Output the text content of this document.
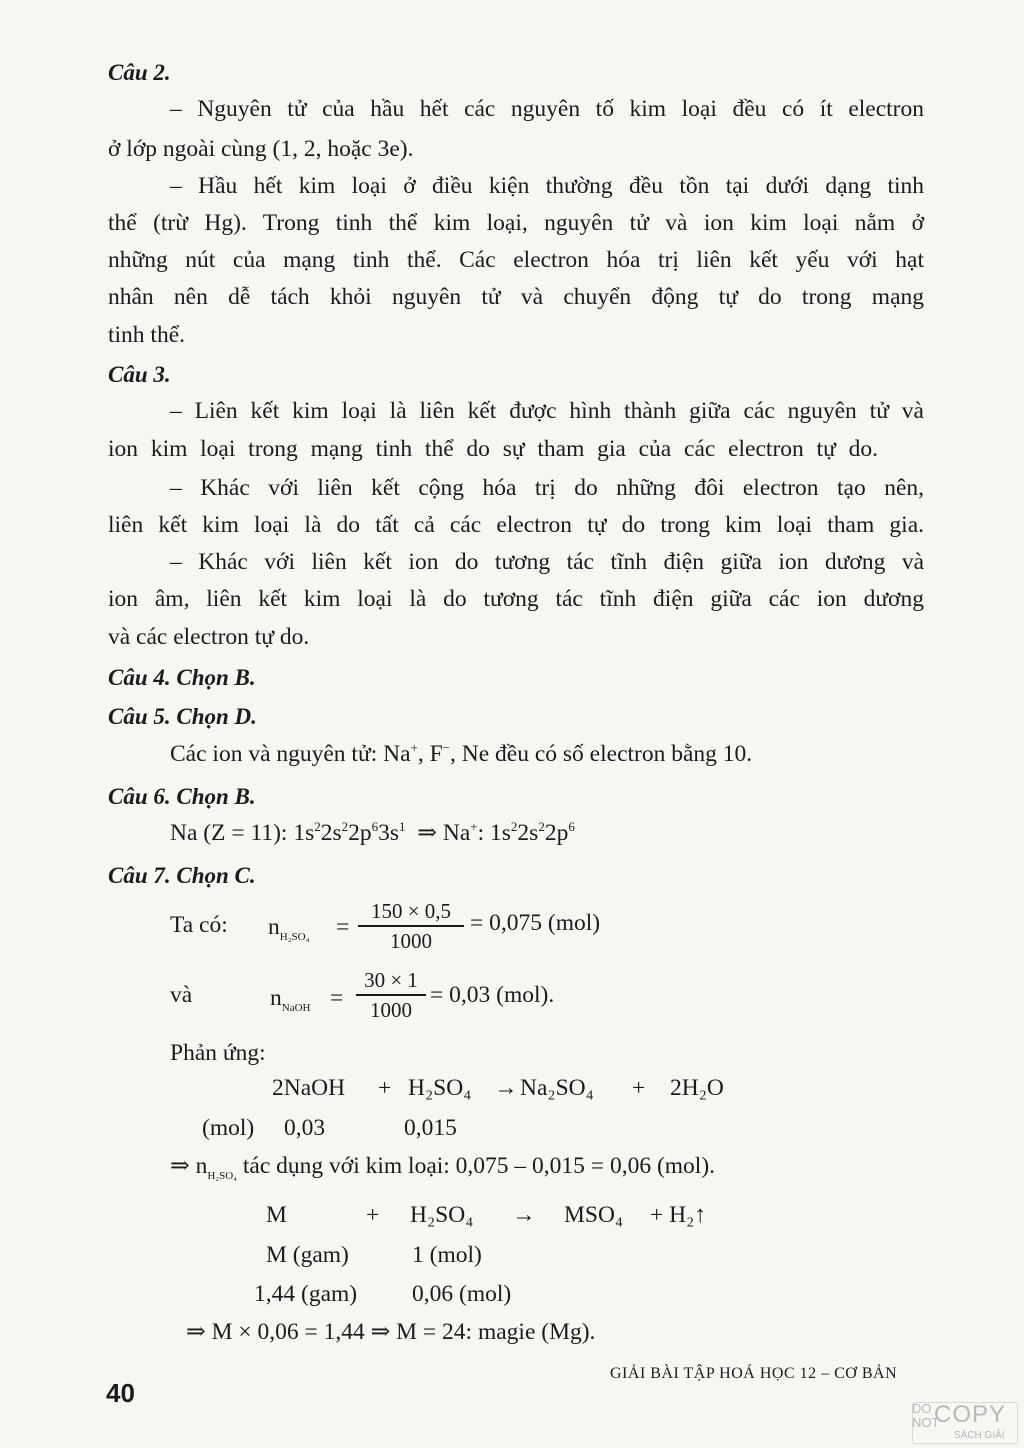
Câu 2.
– Nguyên tử của hầu hết các nguyên tố kim loại đều có ít electron
ở lớp ngoài cùng (1, 2, hoặc 3e).
– Hầu hết kim loại ở điều kiện thường đều tồn tại dưới dạng tinh
thể (trừ Hg). Trong tinh thể kim loại, nguyên tử và ion kim loại nằm ở
những nút của mạng tinh thể. Các electron hóa trị liên kết yếu với hạt
nhân nên dễ tách khỏi nguyên tử và chuyển động tự do trong mạng
tinh thể.
Câu 3.
– Liên kết kim loại là liên kết được hình thành giữa các nguyên tử và
ion kim loại trong mạng tinh thể do sự tham gia của các electron tự do.
– Khác với liên kết cộng hóa trị do những đôi electron tạo nên,
liên kết kim loại là do tất cả các electron tự do trong kim loại tham gia.
– Khác với liên kết ion do tương tác tĩnh điện giữa ion dương và
ion âm, liên kết kim loại là do tương tác tĩnh điện giữa các ion dương
và các electron tự do.
Câu 4. Chọn B.
Câu 5. Chọn D.
Các ion và nguyên tử: Na+, F−, Ne đều có số electron bằng 10.
Câu 6. Chọn B.
Na (Z = 11): $1s^22s^22p^63s^1$ ⇒ Na+: $1s^22s^22p^6$
Câu 7. Chọn C.
Ta có: $n_{H_2SO_4}$ =
150 × 0,5
1000
= 0,075 (mol)
và	$n_{NaOH}$ =
30 × 1
1000
= 0,03 (mol).
Phản ứng:
2NaOH + H₂SO₄ → Na₂SO₄ + 2H₂O
(mol) 0,03	0,015
⇒ $n_{H_2SO_4}$ tác dụng với kim loại: 0,075 – 0,015 = 0,06 (mol).
M	+ H₂SO₄ → MSO₄ + H₂↑
M (gam)	1 (mol)
1,44 (gam) 0,06 (mol)
⇒ M × 0,06 = 1,44 ⇒ M = 24: magie (Mg).
40
GIẢI BÀI TẬP HOÁ HỌC 12 – CƠ BẢN
DO
NOT
COPY
SÁCH GIẢI
